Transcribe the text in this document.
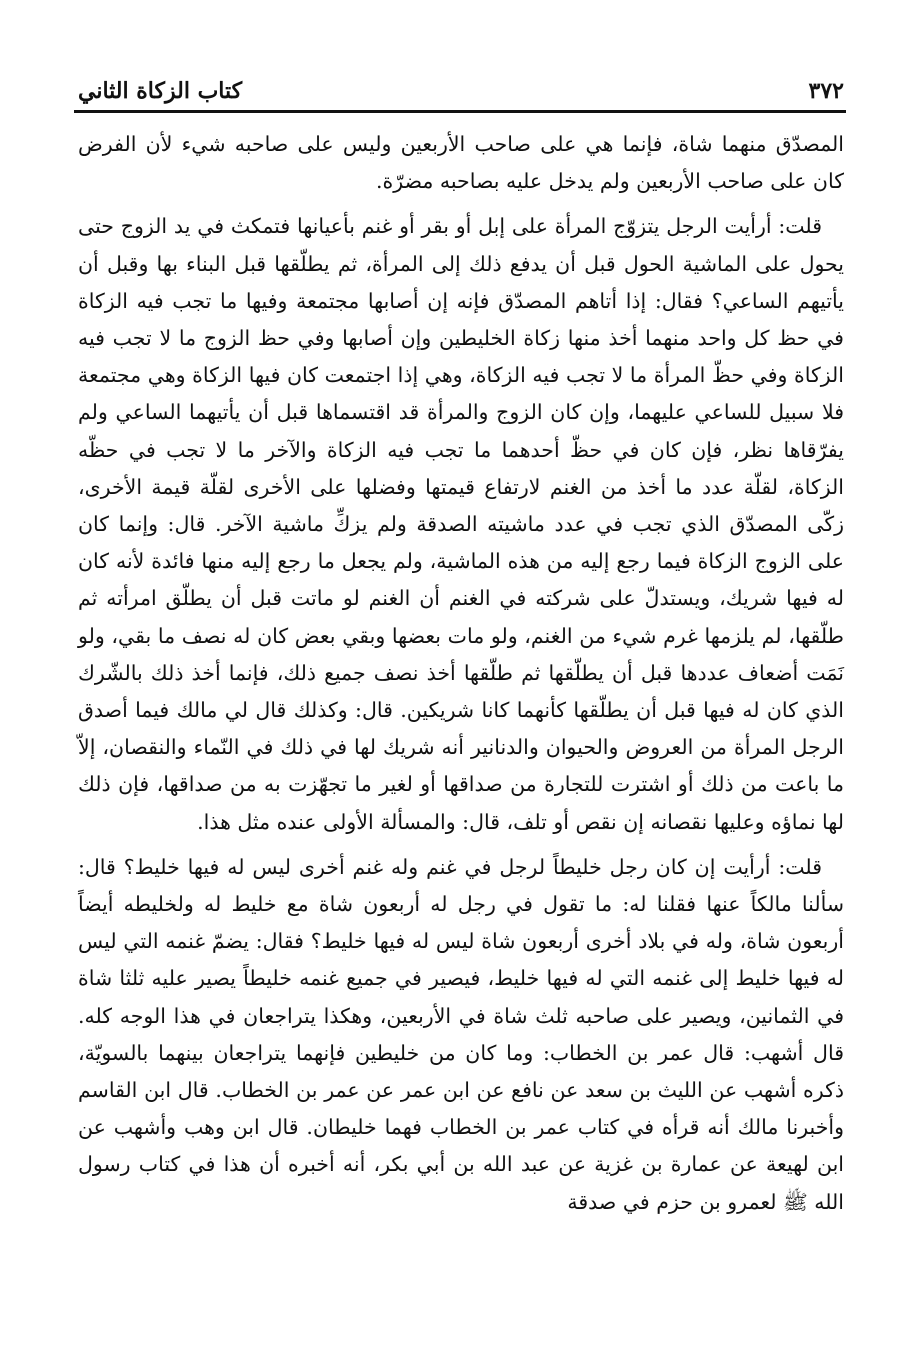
٣٧٢
كتاب الزكاة الثاني

المصدّق منهما شاة، فإنما هي على صاحب الأربعين وليس على صاحبه شيء لأن الفرض كان على صاحب الأربعين ولم يدخل عليه بصاحبه مضرّة.

قلت: أرأيت الرجل يتزوّج المرأة على إبل أو بقر أو غنم بأعيانها فتمكث في يد الزوج حتى يحول على الماشية الحول قبل أن يدفع ذلك إلى المرأة، ثم يطلّقها قبل البناء بها وقبل أن يأتيهم الساعي؟ فقال: إذا أتاهم المصدّق فإنه إن أصابها مجتمعة وفيها ما تجب فيه الزكاة في حظ كل واحد منهما أخذ منها زكاة الخليطين وإن أصابها وفي حظ الزوج ما لا تجب فيه الزكاة وفي حظّ المرأة ما لا تجب فيه الزكاة، وهي إذا اجتمعت كان فيها الزكاة وهي مجتمعة فلا سبيل للساعي عليهما، وإن كان الزوج والمرأة قد اقتسماها قبل أن يأتيهما الساعي ولم يفرّقاها نظر، فإن كان في حظّ أحدهما ما تجب فيه الزكاة والآخر ما لا تجب في حظّه الزكاة، لقلّة عدد ما أخذ من الغنم لارتفاع قيمتها وفضلها على الأخرى لقلّة قيمة الأخرى، زكّى المصدّق الذي تجب في عدد ماشيته الصدقة ولم يزكِّ ماشية الآخر. قال: وإنما كان على الزوج الزكاة فيما رجع إليه من هذه الماشية، ولم يجعل ما رجع إليه منها فائدة لأنه كان له فيها شريك، ويستدلّ على شركته في الغنم أن الغنم لو ماتت قبل أن يطلّق امرأته ثم طلّقها، لم يلزمها غرم شيء من الغنم، ولو مات بعضها وبقي بعض كان له نصف ما بقي، ولو نَمَت أضعاف عددها قبل أن يطلّقها ثم طلّقها أخذ نصف جميع ذلك، فإنما أخذ ذلك بالشّرك الذي كان له فيها قبل أن يطلّقها كأنهما كانا شريكين. قال: وكذلك قال لي مالك فيما أصدق الرجل المرأة من العروض والحيوان والدنانير أنه شريك لها في ذلك في النّماء والنقصان، إلاّ ما باعت من ذلك أو اشترت للتجارة من صداقها أو لغير ما تجهّزت به من صداقها، فإن ذلك لها نماؤه وعليها نقصانه إن نقص أو تلف، قال: والمسألة الأولى عنده مثل هذا.

قلت: أرأيت إن كان رجل خليطاً لرجل في غنم وله غنم أخرى ليس له فيها خليط؟ قال: سألنا مالكاً عنها فقلنا له: ما تقول في رجل له أربعون شاة مع خليط له ولخليطه أيضاً أربعون شاة، وله في بلاد أخرى أربعون شاة ليس له فيها خليط؟ فقال: يضمّ غنمه التي ليس له فيها خليط إلى غنمه التي له فيها خليط، فيصير في جميع غنمه خليطاً يصير عليه ثلثا شاة في الثمانين، ويصير على صاحبه ثلث شاة في الأربعين، وهكذا يتراجعان في هذا الوجه كله. قال أشهب: قال عمر بن الخطاب: وما كان من خليطين فإنهما يتراجعان بينهما بالسويّة، ذكره أشهب عن الليث بن سعد عن نافع عن ابن عمر عن عمر بن الخطاب. قال ابن القاسم وأخبرنا مالك أنه قرأه في كتاب عمر بن الخطاب فهما خليطان. قال ابن وهب وأشهب عن ابن لهيعة عن عمارة بن غزية عن عبد الله بن أبي بكر، أنه أخبره أن هذا في كتاب رسول الله ﷺ لعمرو بن حزم في صدقة
